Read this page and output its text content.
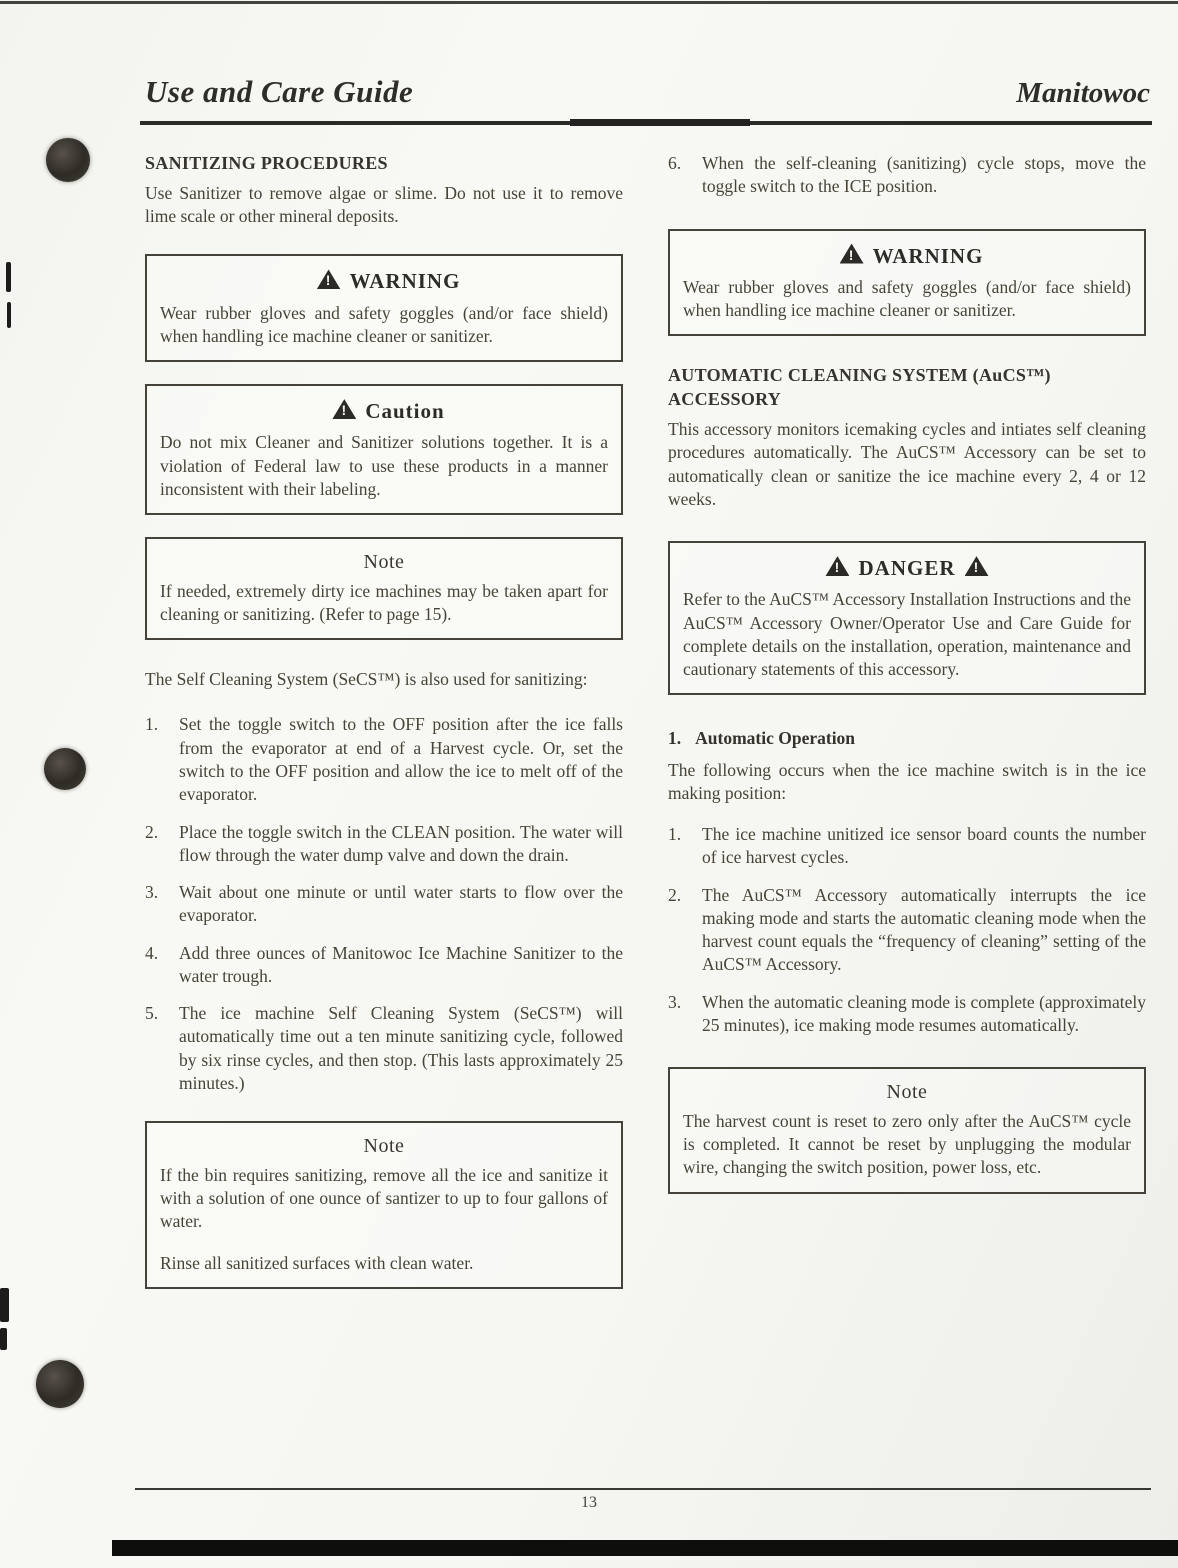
Use and Care Guide	Manitowoc
SANITIZING PROCEDURES

Use Sanitizer to remove algae or slime. Do not use it to remove lime scale or other mineral deposits.

!WARNING

Wear rubber gloves and safety goggles (and/or face shield) when handling ice machine cleaner or sanitizer.

!Caution

Do not mix Cleaner and Sanitizer solutions together. It is a violation of Federal law to use these products in a manner inconsistent with their labeling.

Note

If needed, extremely dirty ice machines may be taken apart for cleaning or sanitizing. (Refer to page 15).

The Self Cleaning System (SeCS™) is also used for sanitizing:

1.	Set the toggle switch to the OFF position after the ice falls from the evaporator at end of a Harvest cycle. Or, set the switch to the OFF position and allow the ice to melt off of the evaporator.
2.	Place the toggle switch in the CLEAN position. The water will flow through the water dump valve and down the drain.
3.	Wait about one minute or until water starts to flow over the evaporator.
4.	Add three ounces of Manitowoc Ice Machine Sanitizer to the water trough.
5.	The ice machine Self Cleaning System (SeCS™) will automatically time out a ten minute sanitizing cycle, followed by six rinse cycles, and then stop. (This lasts approximately 25 minutes.)
Note

If the bin requires sanitizing, remove all the ice and sanitize it with a solution of one ounce of santizer to up to four gallons of water.

Rinse all sanitized surfaces with clean water.

6.	When the self-cleaning (sanitizing) cycle stops, move the toggle switch to the ICE position.
!WARNING

Wear rubber gloves and safety goggles (and/or face shield) when handling ice machine cleaner or sanitizer.

AUTOMATIC CLEANING SYSTEM (AuCS™) ACCESSORY

This accessory monitors icemaking cycles and intiates self cleaning procedures automatically. The AuCS™ Accessory can be set to automatically clean or sanitize the ice machine every 2, 4 or 12 weeks.

!DANGER!

Refer to the AuCS™ Accessory Installation Instructions and the AuCS™ Accessory Owner/Operator Use and Care Guide for complete details on the installation, operation, maintenance and cautionary statements of this accessory.

1. Automatic Operation

The following occurs when the ice machine switch is in the ice making position:

1.	The ice machine unitized ice sensor board counts the number of ice harvest cycles.
2.	The AuCS™ Accessory automatically interrupts the ice making mode and starts the automatic cleaning mode when the harvest count equals the “frequency of cleaning” setting of the AuCS™ Accessory.
3.	When the automatic cleaning mode is complete (approximately 25 minutes), ice making mode resumes automatically.
Note

The harvest count is reset to zero only after the AuCS™ cycle is completed. It cannot be reset by unplugging the modular wire, changing the switch position, power loss, etc.

13
